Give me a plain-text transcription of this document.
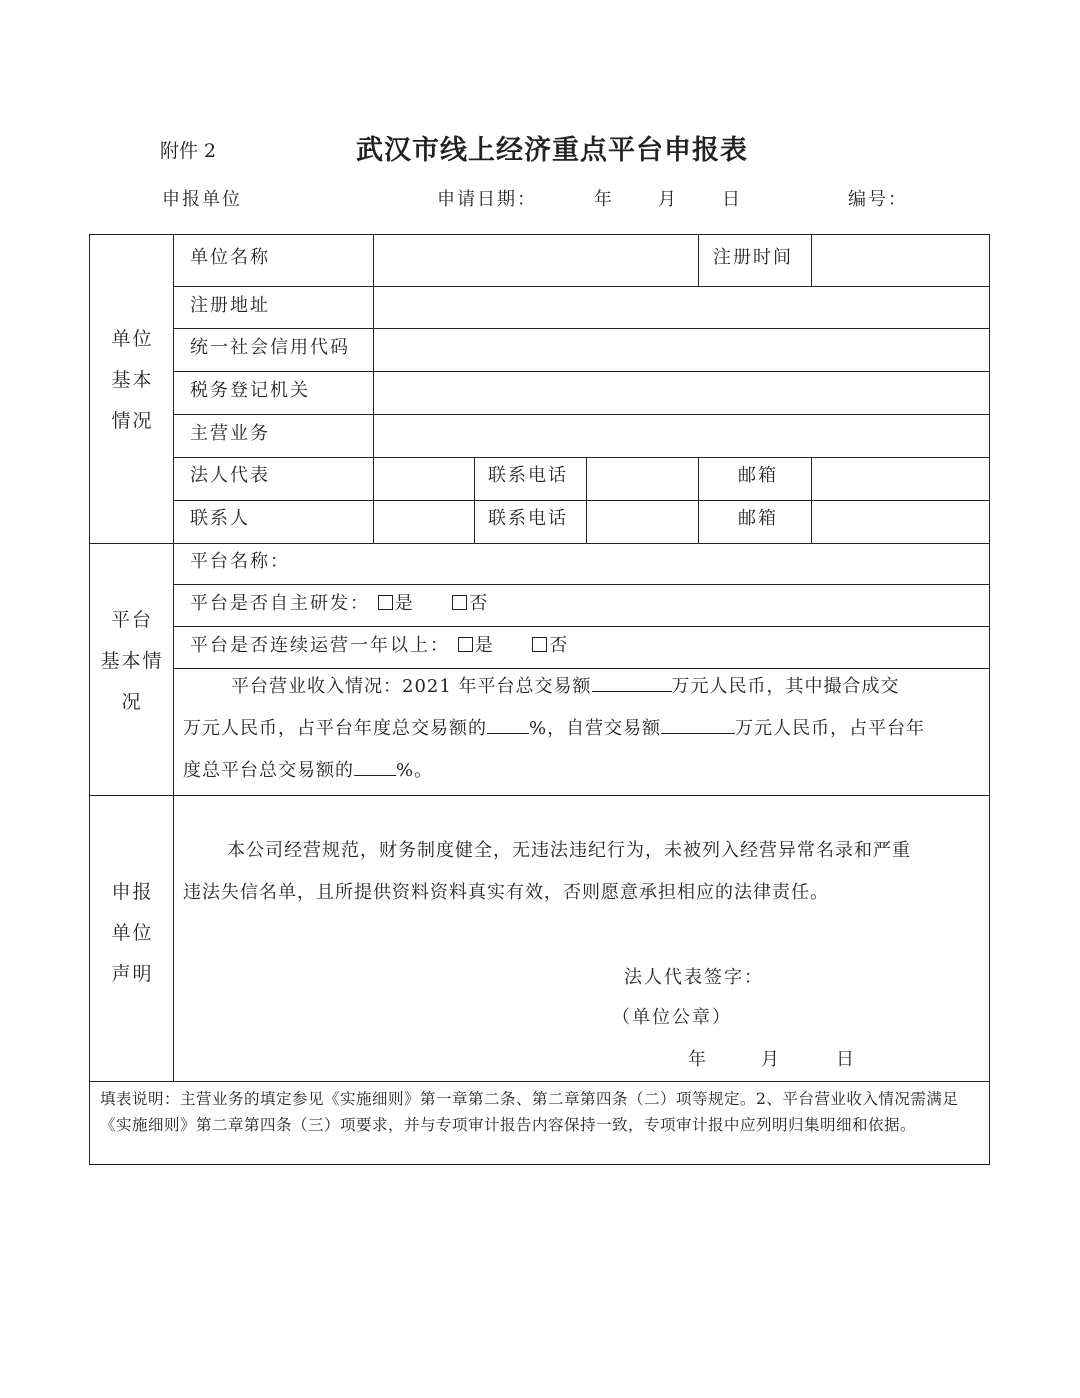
附件 2	武汉市线上经济重点平台申报表
申报单位	申请日期：	年 月 日	编号：
单位
基本
情况
单位名称	注册时间
注册地址
统一社会信用代码
税务登记机关
主营业务
法人代表	联系电话	邮箱
联系人	联系电话	邮箱
平台
基本情
况
平台名称：
平台是否自主研发： 是	否
平台是否连续运营一年以上： 是	否
平台营业收入情况：2021 年平台总交易额	万元人民币，其中撮合成交
万元人民币，占平台年度总交易额的 %，自营交易额	万元人民币，占平台年
度总平台总交易额的 %。
申报
单位
声明
本公司经营规范，财务制度健全，无违法违纪行为，未被列入经营异常名录和严重
违法失信名单，且所提供资料资料真实有效，否则愿意承担相应的法律责任。
法人代表签字：
（单位公章）
年	月	日
填表说明：主营业务的填定参见《实施细则》第一章第二条、第二章第四条（二）项等规定。2、平台营业收入情况需满足《实施细则》第二章第四条（三）项要求，并与专项审计报告内容保持一致，专项审计报中应列明归集明细和依据。
